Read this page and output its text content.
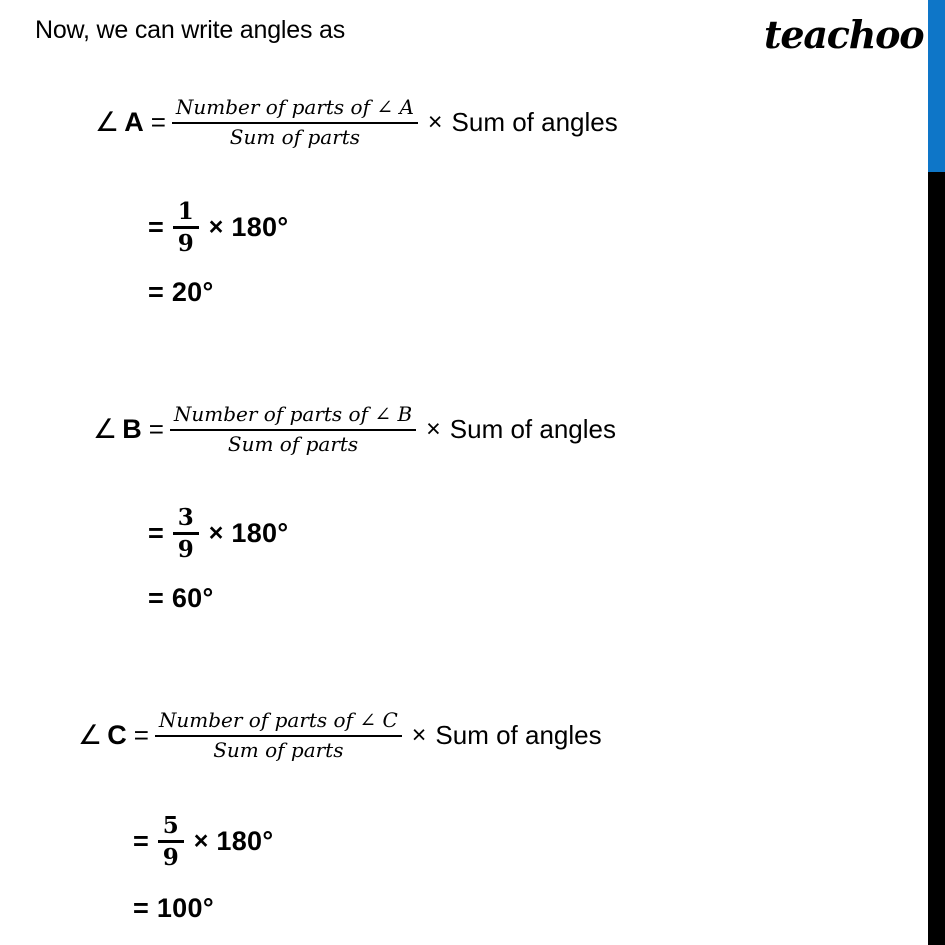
Now, we can write angles as	teachoo
∠ $A = \frac{\text{Number of parts of ∠ A}}{\text{Sum of parts}}$ × Sum of angles
= $\frac{1}{9} \times 180^\circ$
= 20°
∠ $B = \frac{\text{Number of parts of ∠ B}}{\text{Sum of parts}}$ × Sum of angles
= $\frac{3}{9} \times 180^\circ$
= 60°
∠ $C = \frac{\text{Number of parts of ∠ C}}{\text{Sum of parts}}$ × Sum of angles
= $\frac{5}{9} \times 180^\circ$
= 100°
